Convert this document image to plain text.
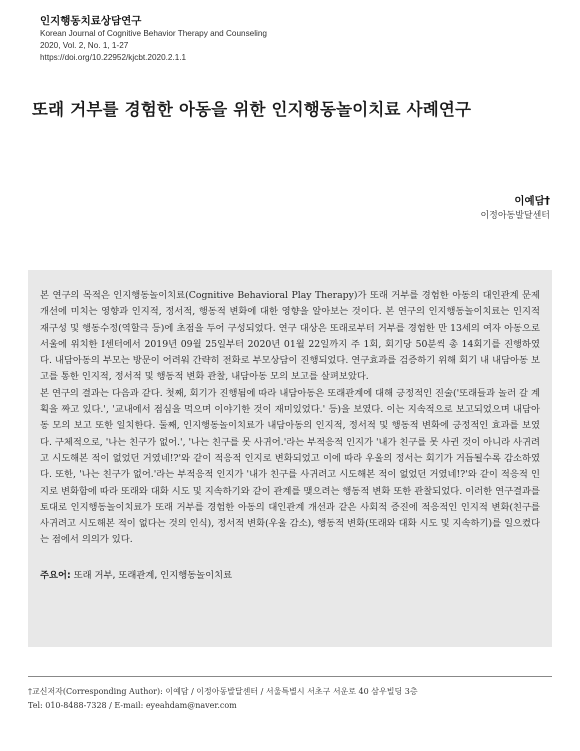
인지행동치료상담연구
Korean Journal of Cognitive Behavior Therapy and Counseling
2020, Vol. 2, No. 1, 1-27
https://doi.org/10.22952/kjcbt.2020.2.1.1
또래 거부를 경험한 아동을 위한 인지행동놀이치료 사례연구
이예담†
이정아동발달센터

본 연구의 목적은 인지행동놀이치료(Cognitive Behavioral Play Therapy)가 또래 거부를 경험한 아동의 대인관계 문제 개선에 미치는 영향과 인지적, 정서적, 행동적 변화에 대한 영향을 알아보는 것이다. 본 연구의 인지행동놀이치료는 인지적 재구성 및 행동수정(역할극 등)에 초점을 두어 구성되었다. 연구 대상은 또래로부터 거부를 경험한 만 13세의 여자 아동으로 서울에 위치한 I센터에서 2019년 09월 25일부터 2020년 01월 22일까지 주 1회, 회기당 50분씩 총 14회기를 진행하였다. 내담아동의 부모는 방문이 어려워 간략히 전화로 부모상담이 진행되었다. 연구효과를 검증하기 위해 회기 내 내담아동 보고를 통한 인지적, 정서적 및 행동적 변화 관찰, 내담아동 모의 보고를 살펴보았다.

본 연구의 결과는 다음과 같다. 첫째, 회기가 진행됨에 따라 내담아동은 또래관계에 대해 긍정적인 진술('또래들과 놀러 갈 계획을 짜고 있다.', '교내에서 점심을 먹으며 이야기한 것이 재미있었다.' 등)을 보였다. 이는 지속적으로 보고되었으며 내담아동 모의 보고 또한 일치한다. 둘째, 인지행동놀이치료가 내담아동의 인지적, 정서적 및 행동적 변화에 긍정적인 효과를 보였다. 구체적으로, '나는 친구가 없어.', '나는 친구를 못 사귀어.'라는 부적응적 인지가 '내가 친구를 못 사귄 것이 아니라 사귀려고 시도해본 적이 없었던 거였네!?'와 같이 적응적 인지로 변화되었고 이에 따라 우울의 정서는 회기가 거듭될수록 감소하였다. 또한, '나는 친구가 없어.'라는 부적응적 인지가 '내가 친구를 사귀려고 시도해본 적이 없었던 거였네!?'와 같이 적응적 인지로 변화함에 따라 또래와 대화 시도 및 지속하기와 같이 관계를 맺으려는 행동적 변화 또한 관찰되었다. 이러한 연구결과를 토대로 인지행동놀이치료가 또래 거부를 경험한 아동의 대인관계 개선과 같은 사회적 증진에 적응적인 인지적 변화(친구를 사귀려고 시도해본 적이 없다는 것의 인식), 정서적 변화(우울 감소), 행동적 변화(또래와 대화 시도 및 지속하기)를 일으켰다는 점에서 의의가 있다.

주요어: 또래 거부, 또래관계, 인지행동놀이치료
†교신저자(Corresponding Author): 이예담 / 이정아동발달센터 / 서울특별시 서초구 서운로 40 삼우빌딩 3층
Tel: 010-8488-7328 / E-mail: eyeahdam@naver.com
